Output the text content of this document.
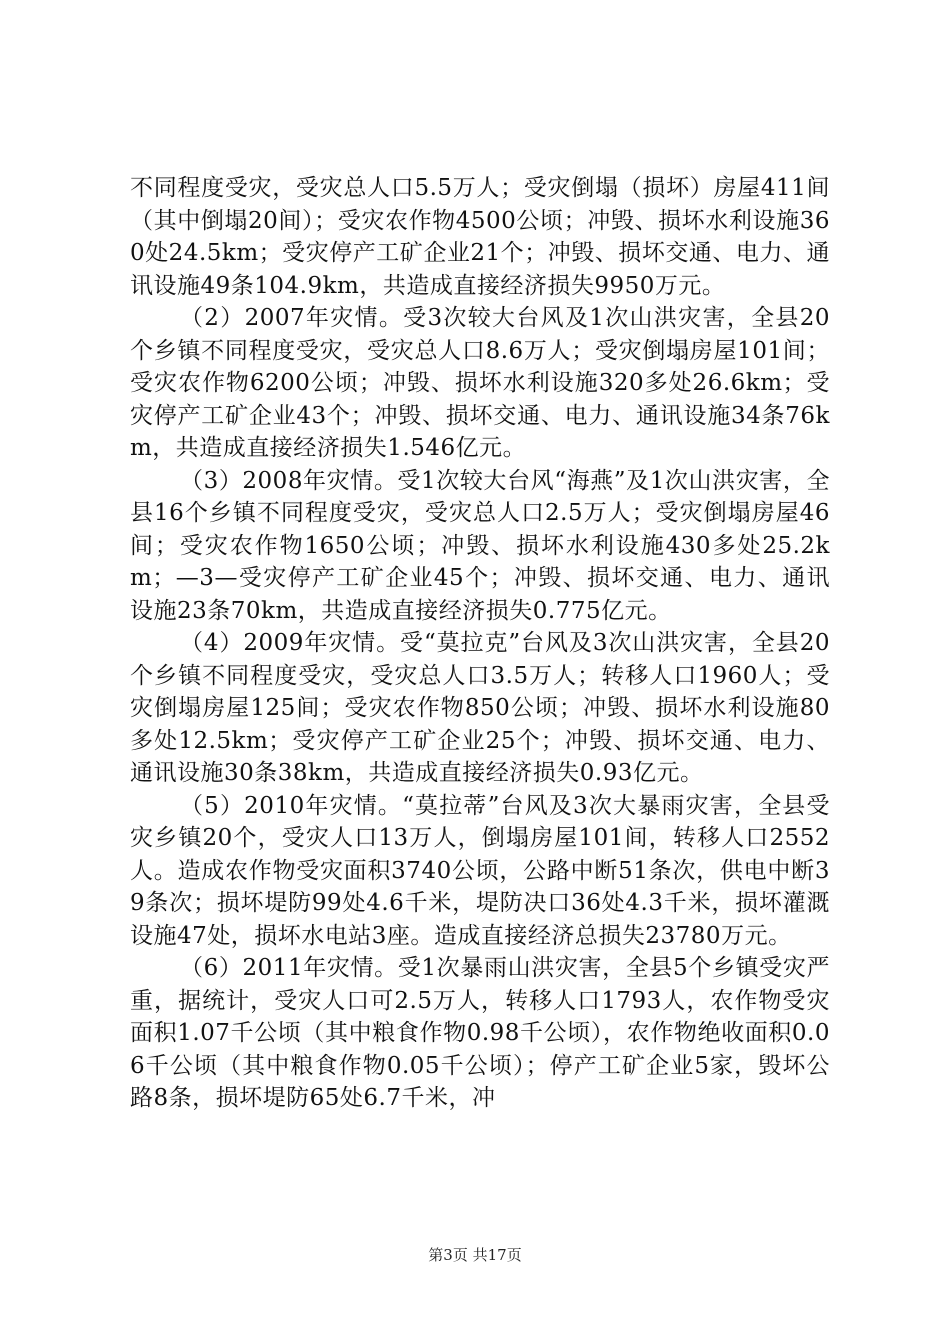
不同程度受灾，受灾总人口5.5万人；受灾倒塌（损坏）房屋411间（其中倒塌20间）；受灾农作物4500公顷；冲毁、损坏水利设施360处24.5km；受灾停产工矿企业21个；冲毁、损坏交通、电力、通讯设施49条104.9km，共造成直接经济损失9950万元。

（2）2007年灾情。受3次较大台风及1次山洪灾害，全县20个乡镇不同程度受灾，受灾总人口8.6万人；受灾倒塌房屋101间；受灾农作物6200公顷；冲毁、损坏水利设施320多处26.6km；受灾停产工矿企业43个；冲毁、损坏交通、电力、通讯设施34条76km，共造成直接经济损失1.546亿元。

（3）2008年灾情。受1次较大台风“海燕”及1次山洪灾害，全县16个乡镇不同程度受灾，受灾总人口2.5万人；受灾倒塌房屋46间；受灾农作物1650公顷；冲毁、损坏水利设施430多处25.2km；—3—受灾停产工矿企业45个；冲毁、损坏交通、电力、通讯设施23条70km，共造成直接经济损失0.775亿元。

（4）2009年灾情。受“莫拉克”台风及3次山洪灾害，全县20个乡镇不同程度受灾，受灾总人口3.5万人；转移人口1960人；受灾倒塌房屋125间；受灾农作物850公顷；冲毁、损坏水利设施80多处12.5km；受灾停产工矿企业25个；冲毁、损坏交通、电力、通讯设施30条38km，共造成直接经济损失0.93亿元。

（5）2010年灾情。“莫拉蒂”台风及3次大暴雨灾害，全县受灾乡镇20个，受灾人口13万人，倒塌房屋101间，转移人口2552人。造成农作物受灾面积3740公顷，公路中断51条次，供电中断39条次；损坏堤防99处4.6千米，堤防决口36处4.3千米，损坏灌溉设施47处，损坏水电站3座。造成直接经济总损失23780万元。

（6）2011年灾情。受1次暴雨山洪灾害，全县5个乡镇受灾严重，据统计，受灾人口可2.5万人，转移人口1793人，农作物受灾面积1.07千公顷（其中粮食作物0.98千公顷），农作物绝收面积0.06千公顷（其中粮食作物0.05千公顷）；停产工矿企业5家，毁坏公路8条，损坏堤防65处6.7千米，冲

第3页 共17页
